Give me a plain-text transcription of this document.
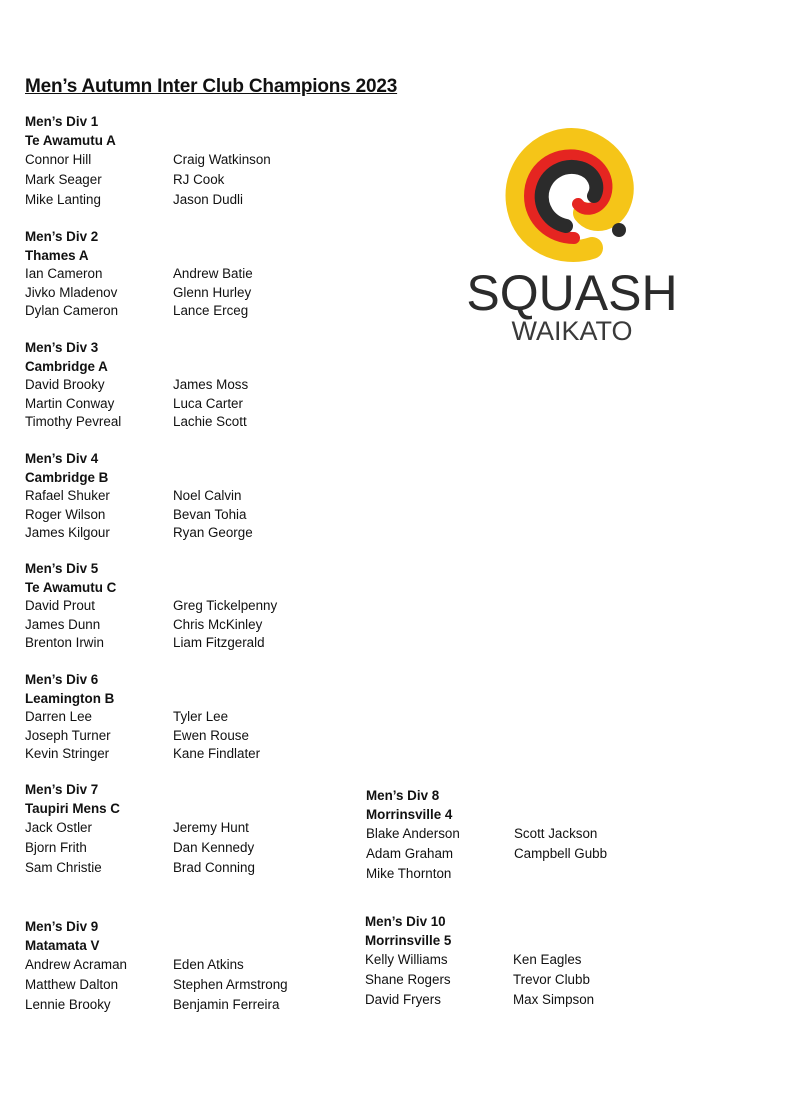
Men’s Autumn Inter Club Champions 2023
SQUASH
WAIKATO
Men’s Div 1
Te Awamutu A
Connor Hill	Craig Watkinson
Mark Seager	RJ Cook
Mike Lanting	Jason Dudli
Men’s Div 2
Thames A
Ian Cameron	Andrew Batie
Jivko Mladenov	Glenn Hurley
Dylan Cameron	Lance Erceg
Men’s Div 3
Cambridge A
David Brooky	James Moss
Martin Conway	Luca Carter
Timothy Pevreal	Lachie Scott
Men’s Div 4
Cambridge B
Rafael Shuker	Noel Calvin
Roger Wilson	Bevan Tohia
James Kilgour	Ryan George
Men’s Div 5
Te Awamutu C
David Prout	Greg Tickelpenny
James Dunn	Chris McKinley
Brenton Irwin	Liam Fitzgerald
Men’s Div 6
Leamington B
Darren Lee	Tyler Lee
Joseph Turner	Ewen Rouse
Kevin Stringer	Kane Findlater
Men’s Div 7
Taupiri Mens C
Jack Ostler	Jeremy Hunt
Bjorn Frith	Dan Kennedy
Sam Christie	Brad Conning
Men’s Div 8
Morrinsville 4
Blake Anderson	Scott Jackson
Adam Graham	Campbell Gubb
Mike Thornton
Men’s Div 9
Matamata V
Andrew Acraman	Eden Atkins
Matthew Dalton	Stephen Armstrong
Lennie Brooky	Benjamin Ferreira
Men’s Div 10
Morrinsville 5
Kelly Williams	Ken Eagles
Shane Rogers	Trevor Clubb
David Fryers	Max Simpson
